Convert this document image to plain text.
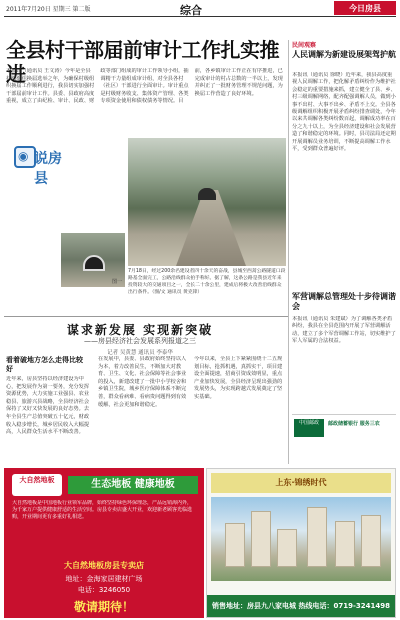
2011年7月20日 星期三 第二版	综合	今日房县
全县村干部届前审计工作扎实推进
本报讯（通讯员 王文涛）今年是全县村级组织换届选举之年，为确保村级组织换届工作顺利进行，我县切实加强村干部届前审计工作。县委、县政府高度重视，成立了由纪检、审计、民政、财政等部门组成的审计工作领导小组，抽调精干力量组成审计组，对全县各村（社区）干部进行全面审计。审计重点是村级财务收支、集体资产管理、各类专项资金使用和债权债务等情况。目前，各乡镇审计工作正在有序推进，已完成审计的村占总数的一半以上，发现并纠正了一批财务管理不规范问题，为换届工作营造了良好环境。
◉ 说房县
图一
7月18日，经过200余名建设者四十余天的奋战，县城至西蒿公路隧道口段路基全面完工，公路沿线群众拍手称好。据了解，这条公路是我县近年来投资较大的交通项目之一，全长二十余公里，建成后将极大改善沿线群众出行条件。（图/文 通讯员 黄克锋）
谋求新发展 实现新突破
——房县经济社会发展系列报道之三
记者 吴黄慧 通讯员 李泰华
看着破地方怎么走得比较好
近年来，房县坚持以经济建设为中心，把发展作为第一要务，充分发挥资源优势，大力实施工业强县、农业稳县、旅游兴县战略，全县经济社会保持了又好又快发展的良好态势。去年全县生产总值突破五十亿元，财政收入稳步增长，城乡居民收入大幅提高，人民群众生活水平不断改善。
在发展中，县委、县政府始终坚持以人为本，着力改善民生，不断加大对教育、卫生、文化、社会保障等社会事业的投入，新建改建了一批中小学校舍和乡镇卫生院，城乡医疗保障体系不断完善，群众看病难、看病贵问题得到有效缓解，社会更加和谐稳定。
今年以来，全县上下紧紧围绕十二五规划目标，抢抓机遇，真抓实干，项目建设全面提速，招商引资成效明显，重点产业加快发展，全县经济呈现出强劲的发展势头，为实现跨越式发展奠定了坚实基础。
民间观察
人民调解为新建设展架驾护航
本报讯（通讯员 徐晓）近年来，我县高度重视人民调解工作，把化解矛盾纠纷作为维护社会稳定的重要措施来抓，建立健全了县、乡、村三级调解网络，配齐配强调解人员，做到小事不出村、大事不出乡、矛盾不上交。全县各级调解组织积极开展矛盾纠纷排查调处，今年以来共调解各类纠纷数百起，调解成功率在百分之九十以上，为全县经济建设和社会发展营造了和谐稳定的环境。同时，县司法局还定期开展调解员业务培训，不断提高调解工作水平，受到群众普遍好评。
军营调解总管理处十步待调谐会
本报讯（通讯员 朱建斌）为了调解各类矛盾纠纷，我县在全县范围内开展了军营调解活动，建立了多个军营调解工作站，切实维护了军人军属的合法权益。
中国邮政	邮政储蓄银行 服务三农
大自然地板	生态地板 健康地板
大自然地板是中国地板行业领军品牌，始终坚持绿色环保理念，产品远销海内外，为千家万户提供健康舒适的生活空间。房县专卖店盛大开业，欢迎新老顾客光临选购，开业期间更有多重好礼相送。
大自然地板房县专卖店
地址：金海家居建材广场
电话：3246050
敬请期待！
上东·锦绣时代
销售地址：房县九八家电城 热线电话：0719-3241498
